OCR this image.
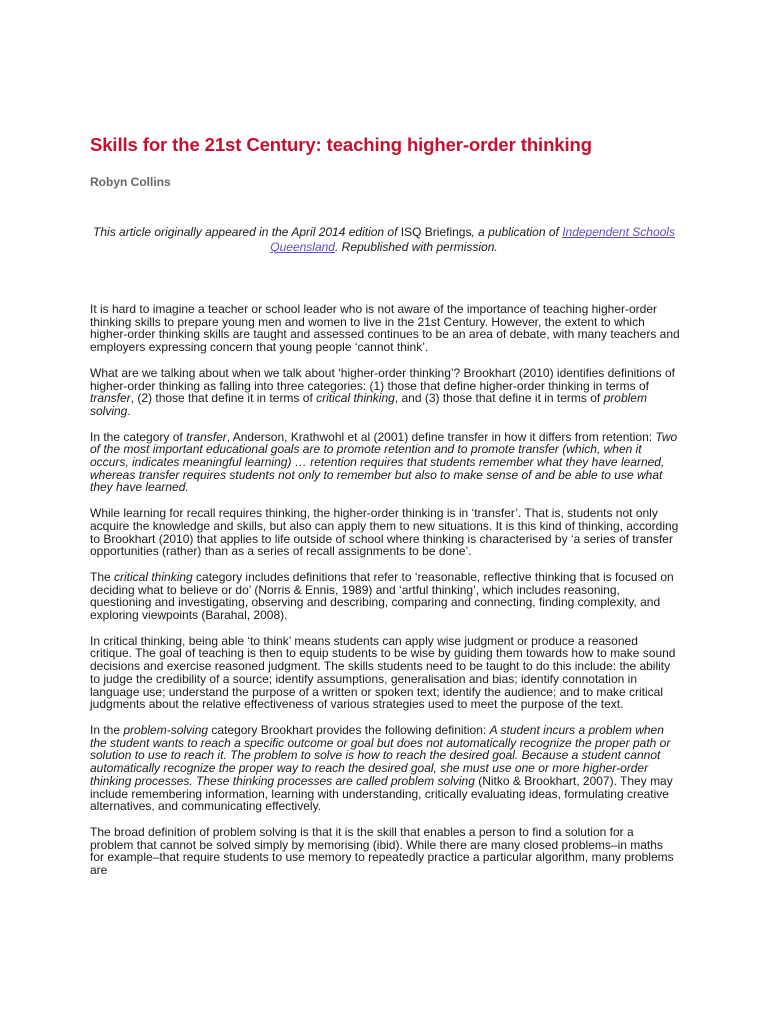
Skills for the 21st Century: teaching higher-order thinking

Robyn Collins

This article originally appeared in the April 2014 edition of ISQ Briefings, a publication of Independent Schools Queensland. Republished with permission.

It is hard to imagine a teacher or school leader who is not aware of the importance of teaching higher-order thinking skills to prepare young men and women to live in the 21st Century. However, the extent to which higher-order thinking skills are taught and assessed continues to be an area of debate, with many teachers and employers expressing concern that young people ‘cannot think’.

What are we talking about when we talk about ‘higher-order thinking’? Brookhart (2010) identifies definitions of higher-order thinking as falling into three categories: (1) those that define higher-order thinking in terms of transfer, (2) those that define it in terms of critical thinking, and (3) those that define it in terms of problem solving.

In the category of transfer, Anderson, Krathwohl et al (2001) define transfer in how it differs from retention: Two of the most important educational goals are to promote retention and to promote transfer (which, when it occurs, indicates meaningful learning) … retention requires that students remember what they have learned, whereas transfer requires students not only to remember but also to make sense of and be able to use what they have learned.

While learning for recall requires thinking, the higher-order thinking is in ‘transfer’. That is, students not only acquire the knowledge and skills, but also can apply them to new situations. It is this kind of thinking, according to Brookhart (2010) that applies to life outside of school where thinking is characterised by ‘a series of transfer opportunities (rather) than as a series of recall assignments to be done’.

The critical thinking category includes definitions that refer to ‘reasonable, reflective thinking that is focused on deciding what to believe or do’ (Norris & Ennis, 1989) and ‘artful thinking’, which includes reasoning, questioning and investigating, observing and describing, comparing and connecting, finding complexity, and exploring viewpoints (Barahal, 2008).

In critical thinking, being able ‘to think’ means students can apply wise judgment or produce a reasoned critique. The goal of teaching is then to equip students to be wise by guiding them towards how to make sound decisions and exercise reasoned judgment. The skills students need to be taught to do this include: the ability to judge the credibility of a source; identify assumptions, generalisation and bias; identify connotation in language use; understand the purpose of a written or spoken text; identify the audience; and to make critical judgments about the relative effectiveness of various strategies used to meet the purpose of the text.

In the problem-solving category Brookhart provides the following definition: A student incurs a problem when the student wants to reach a specific outcome or goal but does not automatically recognize the proper path or solution to use to reach it. The problem to solve is how to reach the desired goal. Because a student cannot automatically recognize the proper way to reach the desired goal, she must use one or more higher-order thinking processes. These thinking processes are called problem solving (Nitko & Brookhart, 2007). They may include remembering information, learning with understanding, critically evaluating ideas, formulating creative alternatives, and communicating effectively.

The broad definition of problem solving is that it is the skill that enables a person to find a solution for a problem that cannot be solved simply by memorising (ibid). While there are many closed problems–in maths for example–that require students to use memory to repeatedly practice a particular algorithm, many problems are
